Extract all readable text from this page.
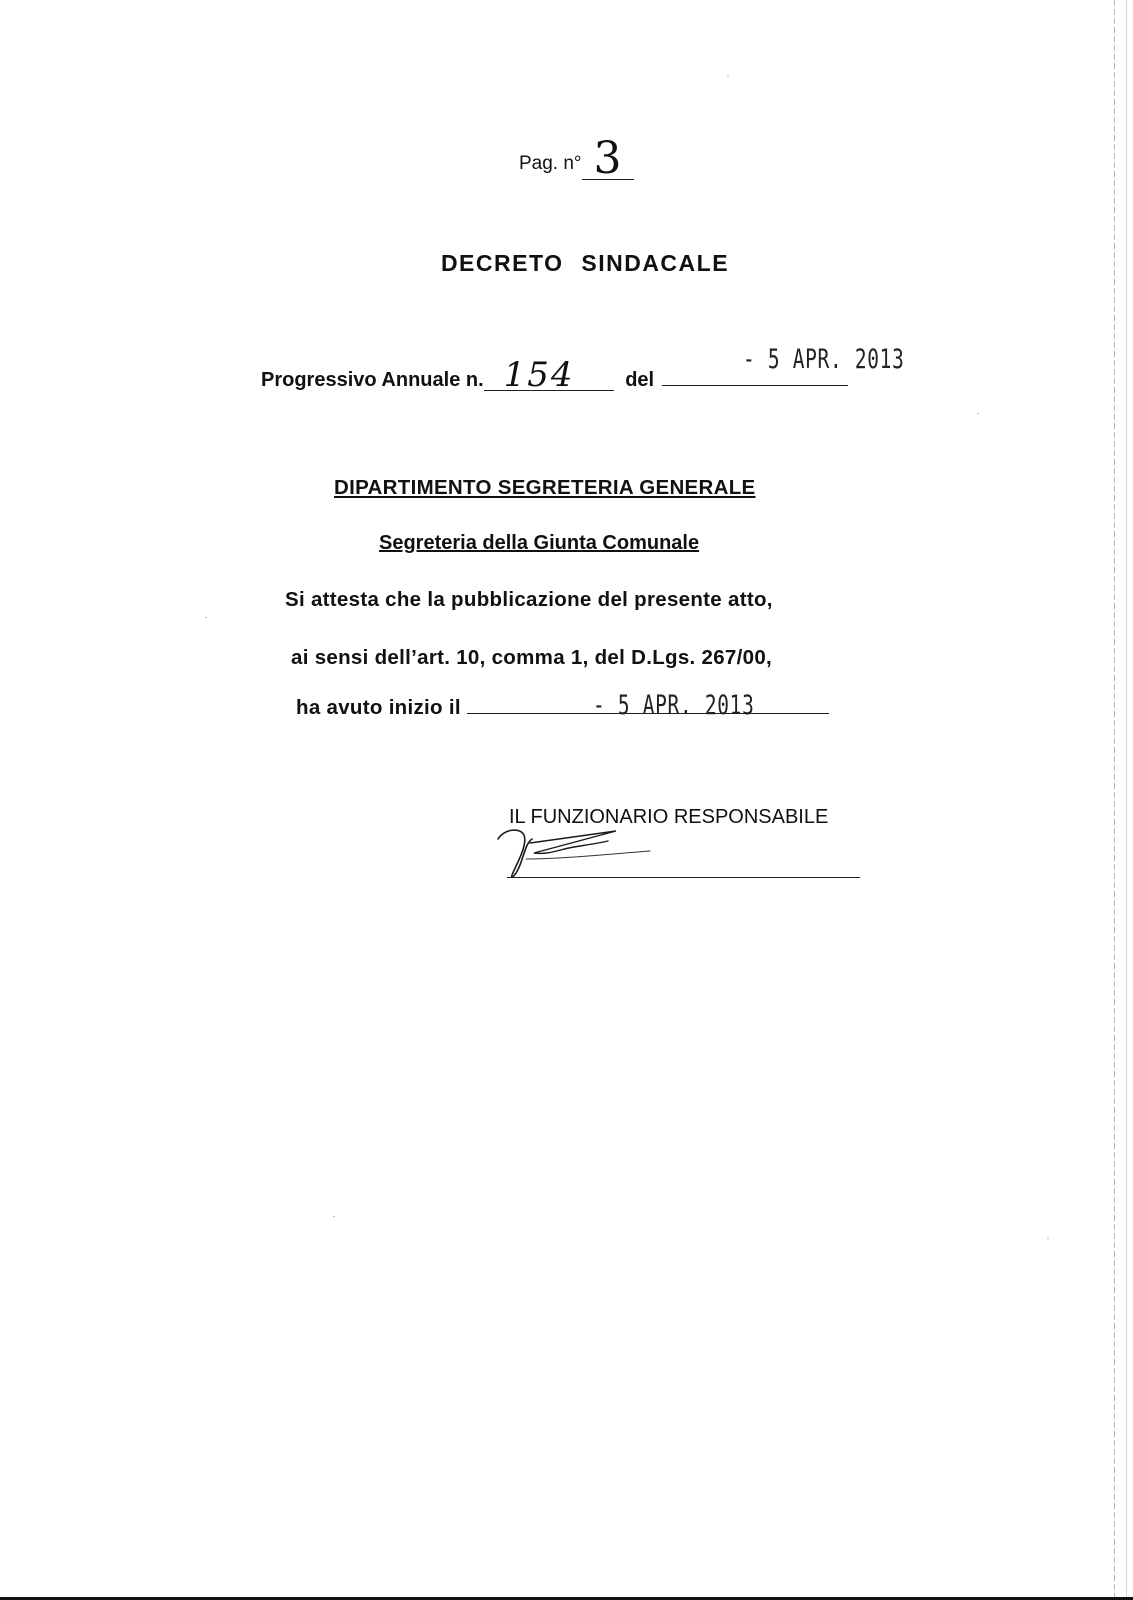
Pag. n° 3
DECRETO SINDACALE
Progressivo Annuale n. 154	del
- 5 APR. 2013
DIPARTIMENTO SEGRETERIA GENERALE
Segreteria della Giunta Comunale
Si attesta che la pubblicazione del presente atto,
ai sensi dell’art. 10, comma 1, del D.Lgs. 267/00,
ha avuto inizio il	- 5 APR. 2013
IL FUNZIONARIO RESPONSABILE
